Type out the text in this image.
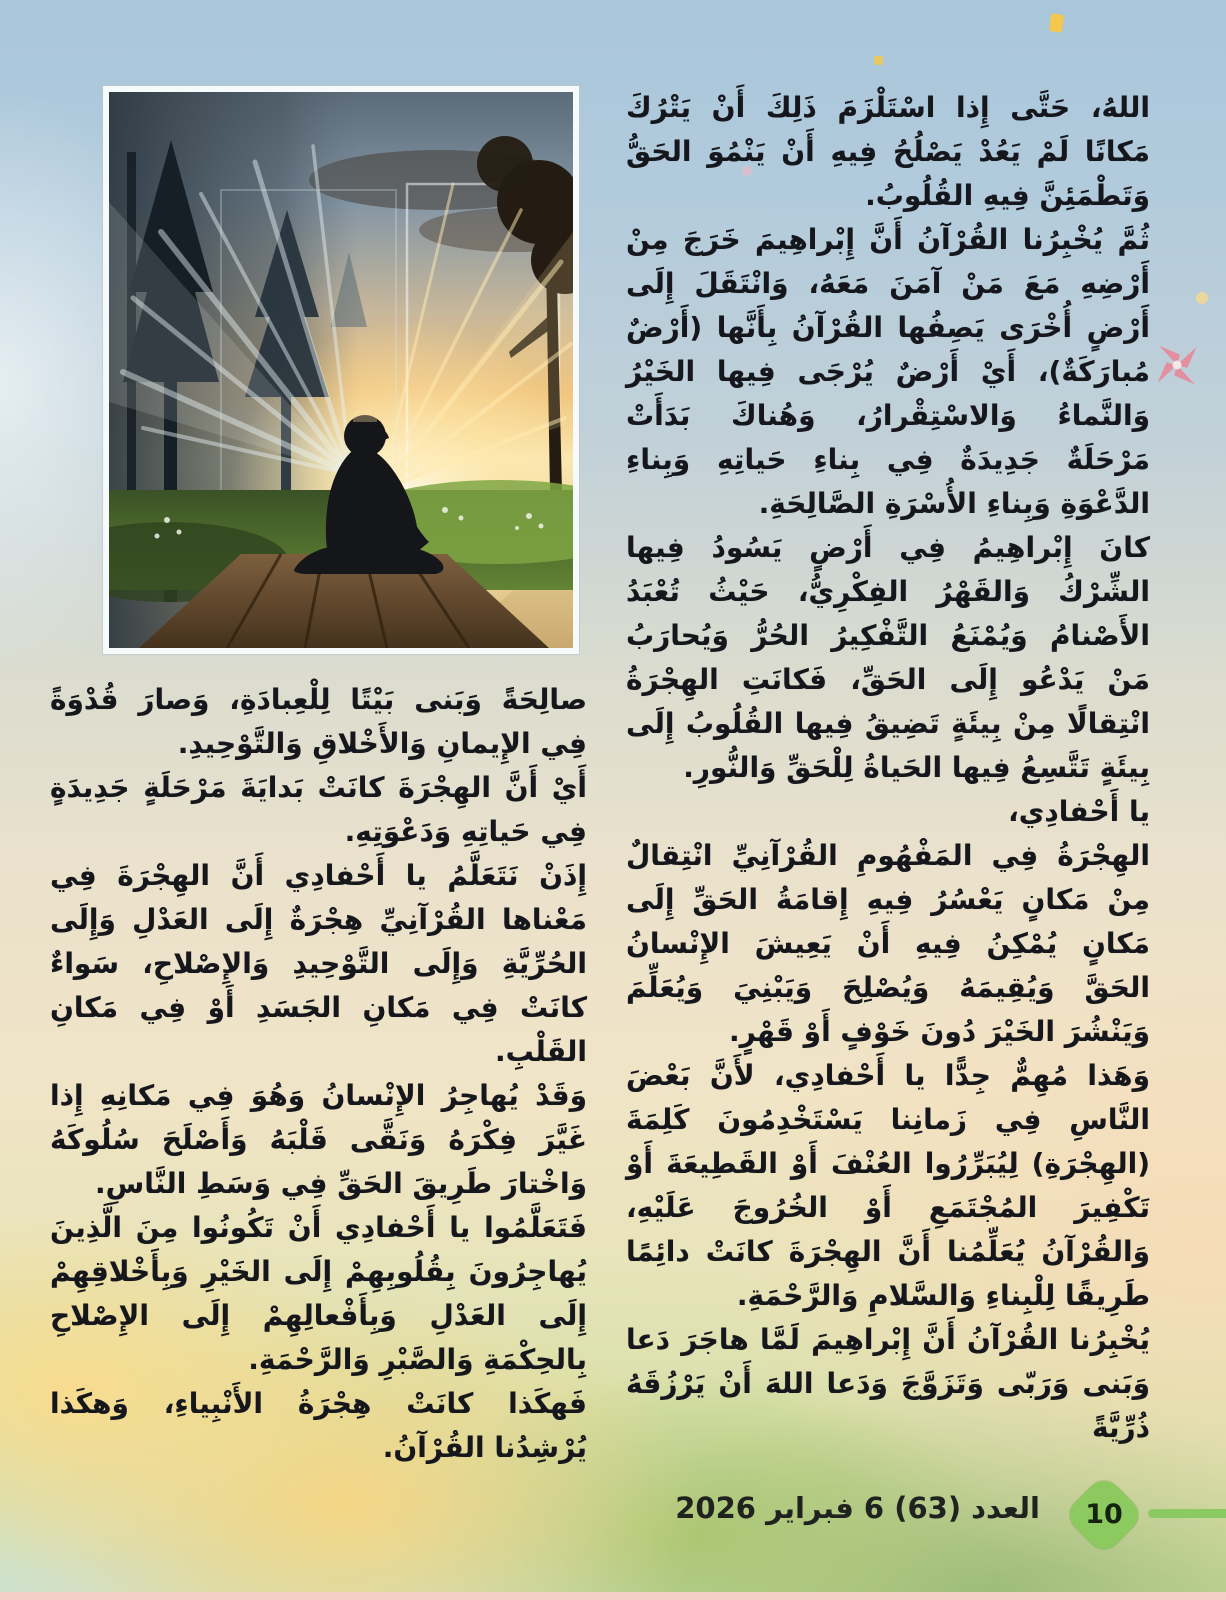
اللهُ، حَتَّى إِذا اسْتَلْزَمَ ذَلِكَ أَنْ يَتْرُكَ مَكانًا لَمْ يَعُدْ يَصْلُحُ فِيهِ أَنْ يَنْمُوَ الحَقُّ وَتَطْمَئِنَّ فِيهِ القُلُوبُ.

ثُمَّ يُخْبِرُنا القُرْآنُ أَنَّ إِبْراهِيمَ خَرَجَ مِنْ أَرْضِهِ مَعَ مَنْ آمَنَ مَعَهُ، وَانْتَقَلَ إِلَى أَرْضٍ أُخْرَى يَصِفُها القُرْآنُ بِأَنَّها (أَرْضٌ مُبارَكَةٌ)، أَيْ أَرْضٌ يُرْجَى فِيها الخَيْرُ وَالنَّماءُ وَالاسْتِقْرارُ، وَهُناكَ بَدَأَتْ مَرْحَلَةٌ جَدِيدَةٌ فِي بِناءِ حَياتِهِ وَبِناءِ الدَّعْوَةِ وَبِناءِ الأُسْرَةِ الصَّالِحَةِ.

كانَ إِبْراهِيمُ فِي أَرْضٍ يَسُودُ فِيها الشِّرْكُ وَالقَهْرُ الفِكْرِيُّ، حَيْثُ تُعْبَدُ الأَصْنامُ وَيُمْنَعُ التَّفْكِيرُ الحُرُّ وَيُحارَبُ مَنْ يَدْعُو إِلَى الحَقِّ، فَكانَتِ الهِجْرَةُ انْتِقالًا مِنْ بِيئَةٍ تَضِيقُ فِيها القُلُوبُ إِلَى بِيئَةٍ تَتَّسِعُ فِيها الحَياةُ لِلْحَقِّ وَالنُّورِ.

يا أَحْفادِي،

الهِجْرَةُ فِي المَفْهُومِ القُرْآنِيِّ انْتِقالٌ مِنْ مَكانٍ يَعْسُرُ فِيهِ إِقامَةُ الحَقِّ إِلَى مَكانٍ يُمْكِنُ فِيهِ أَنْ يَعِيشَ الإِنْسانُ الحَقَّ وَيُقِيمَهُ وَيُصْلِحَ وَيَبْنِيَ وَيُعَلِّمَ وَيَنْشُرَ الخَيْرَ دُونَ خَوْفٍ أَوْ قَهْرٍ.

وَهَذا مُهِمٌّ جِدًّا يا أَحْفادِي، لأَنَّ بَعْضَ النَّاسِ فِي زَمانِنا يَسْتَخْدِمُونَ كَلِمَةَ (الهِجْرَةِ) لِيُبَرِّرُوا العُنْفَ أَوْ القَطِيعَةَ أَوْ تَكْفِيرَ المُجْتَمَعِ أَوْ الخُرُوجَ عَلَيْهِ، وَالقُرْآنُ يُعَلِّمُنا أَنَّ الهِجْرَةَ كانَتْ دائِمًا طَرِيقًا لِلْبِناءِ وَالسَّلامِ وَالرَّحْمَةِ.

يُخْبِرُنا القُرْآنُ أَنَّ إِبْراهِيمَ لَمَّا هاجَرَ دَعا وَبَنى وَرَبّى وَتَزَوَّجَ وَدَعا اللهَ أَنْ يَرْزُقَهُ ذُرِّيَّةً

صالِحَةً وَبَنى بَيْتًا لِلْعِبادَةِ، وَصارَ قُدْوَةً فِي الإِيمانِ وَالأَخْلاقِ وَالتَّوْحِيدِ.

أَيْ أَنَّ الهِجْرَةَ كانَتْ بَدايَةَ مَرْحَلَةٍ جَدِيدَةٍ فِي حَياتِهِ وَدَعْوَتِهِ.

إِذَنْ نَتَعَلَّمُ يا أَحْفادِي أَنَّ الهِجْرَةَ فِي مَعْناها القُرْآنِيِّ هِجْرَةٌ إِلَى العَدْلِ وَإِلَى الحُرِّيَّةِ وَإِلَى التَّوْحِيدِ وَالإِصْلاحِ، سَواءٌ كانَتْ فِي مَكانِ الجَسَدِ أَوْ فِي مَكانِ القَلْبِ.

وَقَدْ يُهاجِرُ الإِنْسانُ وَهُوَ فِي مَكانِهِ إِذا غَيَّرَ فِكْرَهُ وَنَقَّى قَلْبَهُ وَأَصْلَحَ سُلُوكَهُ وَاخْتارَ طَرِيقَ الحَقِّ فِي وَسَطِ النَّاسِ.

فَتَعَلَّمُوا يا أَحْفادِي أَنْ تَكُونُوا مِنَ الَّذِينَ يُهاجِرُونَ بِقُلُوبِهِمْ إِلَى الخَيْرِ وَبِأَخْلاقِهِمْ إِلَى العَدْلِ وَبِأَفْعالِهِمْ إِلَى الإِصْلاحِ بِالحِكْمَةِ وَالصَّبْرِ وَالرَّحْمَةِ.

فَهكَذا كانَتْ هِجْرَةُ الأَنْبِياءِ، وَهكَذا يُرْشِدُنا القُرْآنُ.

10
العدد (63) 6 فبراير 2026
